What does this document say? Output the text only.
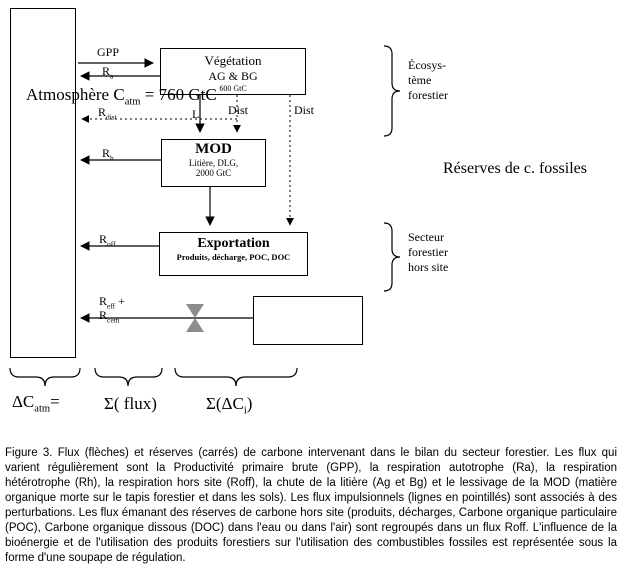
Végétation
AG & BG
600 GtC
MOD
Litière, DLG,
2000 GtC
Exportation
Produits, décharge, POC, DOC
Atmosphère $C_{atm} = 760$ GtC
GPP
$R_a$
$R_{dist}$
$R_h$
$R_{off}$
$R_{eff}$ +
$R_{cem}$
L Dist	Dist
Écosys-
tème
forestier
Réserves de c. fossiles
Secteur
forestier
hors site
$\Delta C_{atm}=$	Σ( flux)	$\Sigma(\Delta C_i)$

Figure 3. Flux (flèches) et réserves (carrés) de carbone intervenant dans le bilan du secteur forestier. Les flux qui varient régulièrement sont la Productivité primaire brute (GPP), la respiration autotrophe (Ra), la respiration hétérotrophe (Rh), la respiration hors site (Roff), la chute de la litière (Ag et Bg) et le lessivage de la MOD (matière organique morte sur le tapis forestier et dans les sols). Les flux impulsionnels (lignes en pointillés) sont associés à des perturbations. Les flux émanant des réserves de carbone hors site (produits, décharges, Carbone organique particulaire (POC), Carbone organique dissous (DOC) dans l'eau ou dans l'air) sont regroupés dans un flux Roff. L'influence de la bioénergie et de l'utilisation des produits forestiers sur l'utilisation des combustibles fossiles est représentée sous la forme d'une soupape de régulation.
